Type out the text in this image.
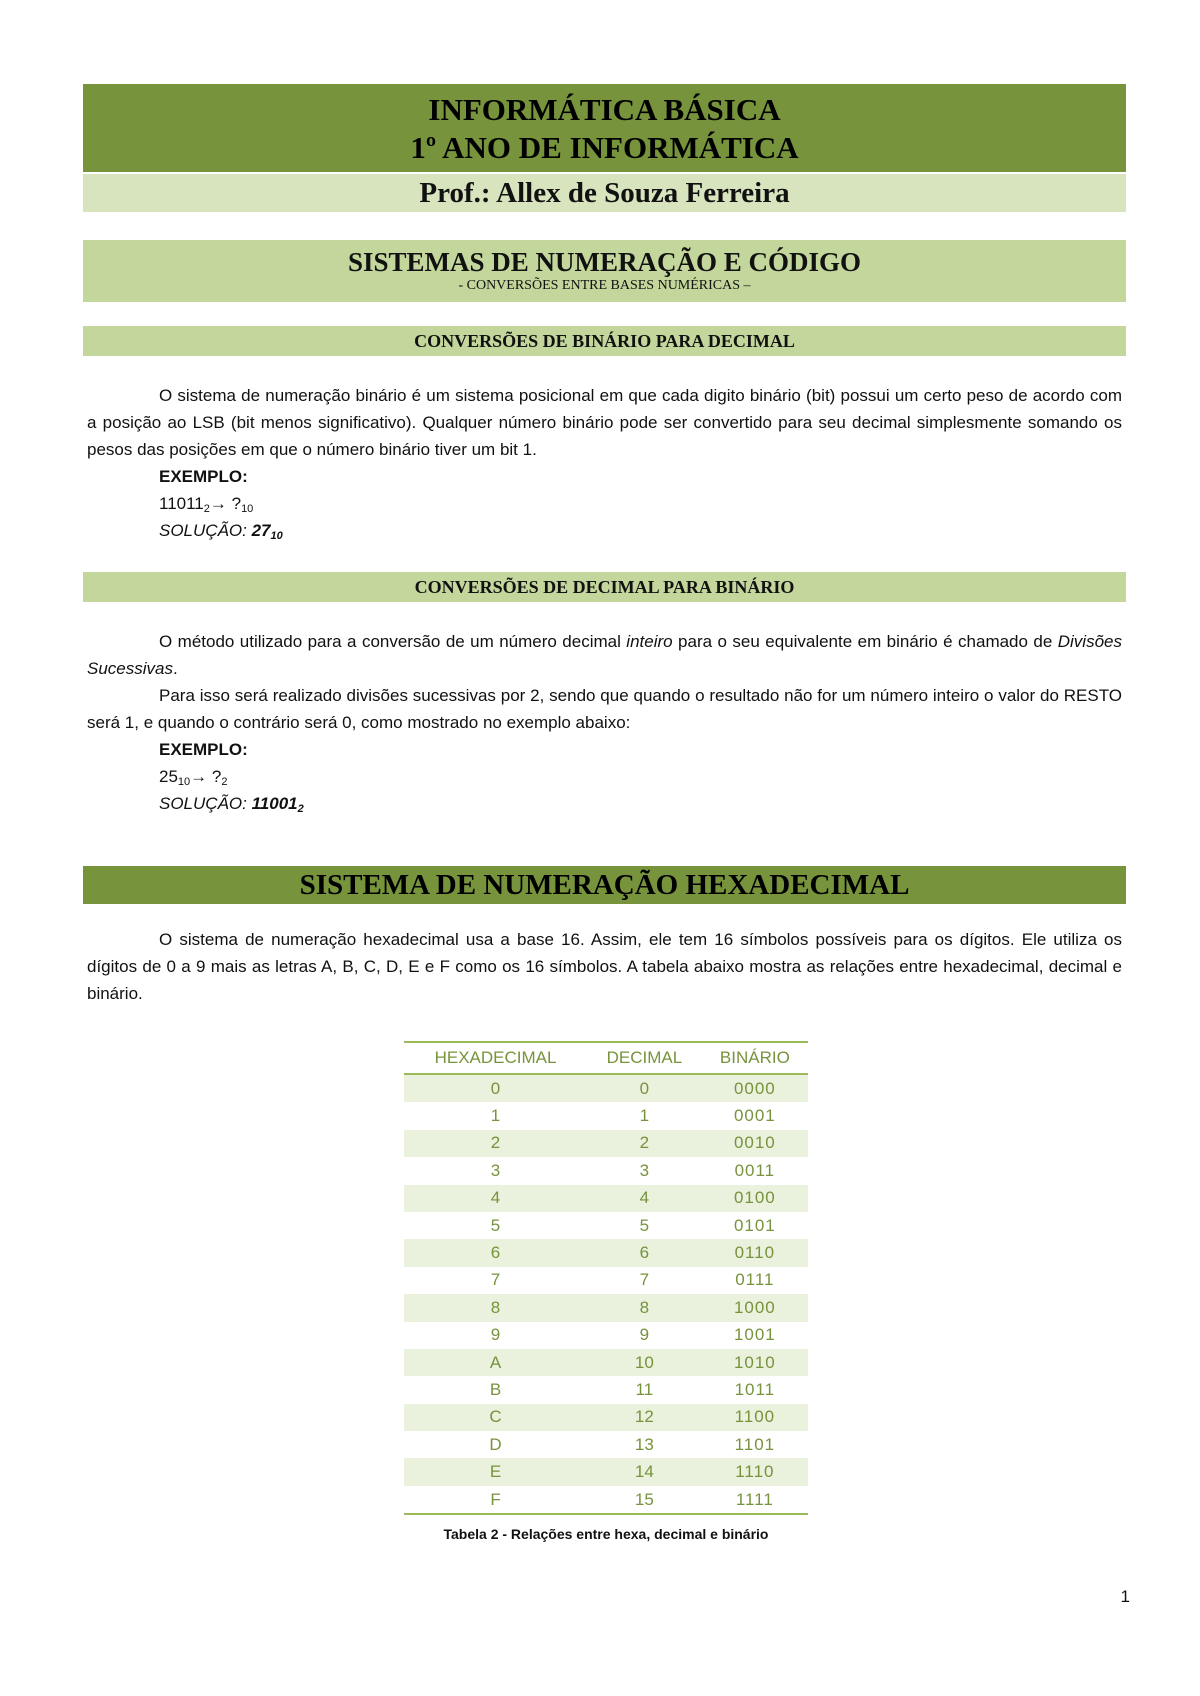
INFORMÁTICA BÁSICA
1º ANO DE INFORMÁTICA
Prof.: Allex de Souza Ferreira
SISTEMAS DE NUMERAÇÃO E CÓDIGO
- CONVERSÕES ENTRE BASES NUMÉRICAS –
CONVERSÕES DE BINÁRIO PARA DECIMAL

O sistema de numeração binário é um sistema posicional em que cada digito binário (bit) possui um certo peso de acordo com a posição ao LSB (bit menos significativo). Qualquer número binário pode ser convertido para seu decimal simplesmente somando os pesos das posições em que o número binário tiver um bit 1.

EXEMPLO:

$11011_2\to$ $?_{10}$

SOLUÇÃO: $27_{10}$

CONVERSÕES DE DECIMAL PARA BINÁRIO

O método utilizado para a conversão de um número decimal inteiro para o seu equivalente em binário é chamado de Divisões Sucessivas.

Para isso será realizado divisões sucessivas por 2, sendo que quando o resultado não for um número inteiro o valor do RESTO será 1, e quando o contrário será 0, como mostrado no exemplo abaixo:

EXEMPLO:

$25_{10}\to$ $?_2$

SOLUÇÃO: $11001_2$

SISTEMA DE NUMERAÇÃO HEXADECIMAL

O sistema de numeração hexadecimal usa a base 16. Assim, ele tem 16 símbolos possíveis para os dígitos. Ele utiliza os dígitos de 0 a 9 mais as letras A, B, C, D, E e F como os 16 símbolos. A tabela abaixo mostra as relações entre hexadecimal, decimal e binário.

HEXADECIMAL	DECIMAL	BINÁRIO
0	0	0000
1	1	0001
2	2	0010
3	3	0011
4	4	0100
5	5	0101
6	6	0110
7	7	0111
8	8	1000
9	9	1001
A	10	1010
B	11	1011
C	12	1100
D	13	1101
E	14	1110
F	15	1111
Tabela 2 - Relações entre hexa, decimal e binário
1
